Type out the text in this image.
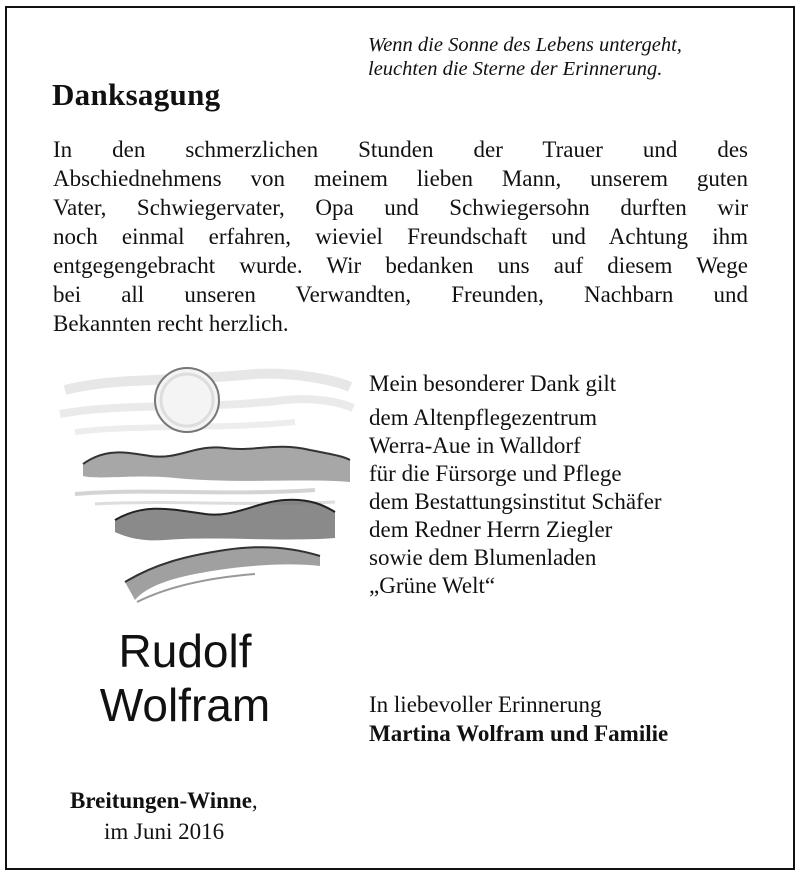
Wenn die Sonne des Lebens untergeht,
leuchten die Sterne der Erinnerung.
Danksagung
In den schmerzlichen Stunden der Trauer und des
Abschiednehmens von meinem lieben Mann, unserem guten
Vater, Schwiegervater, Opa und Schwiegersohn durften wir
noch einmal erfahren, wieviel Freundschaft und Achtung ihm
entgegengebracht wurde. Wir bedanken uns auf diesem Wege
bei all unseren Verwandten, Freunden, Nachbarn und
Bekannten recht herzlich.
Mein besonderer Dank gilt
dem Altenpflegezentrum
Werra-Aue in Walldorf
für die Fürsorge und Pflege
dem Bestattungsinstitut Schäfer
dem Redner Herrn Ziegler
sowie dem Blumenladen
„Grüne Welt“
Rudolf
Wolfram	In liebevoller Erinnerung
Martina Wolfram und Familie
Breitungen-Winne,
im Juni 2016
